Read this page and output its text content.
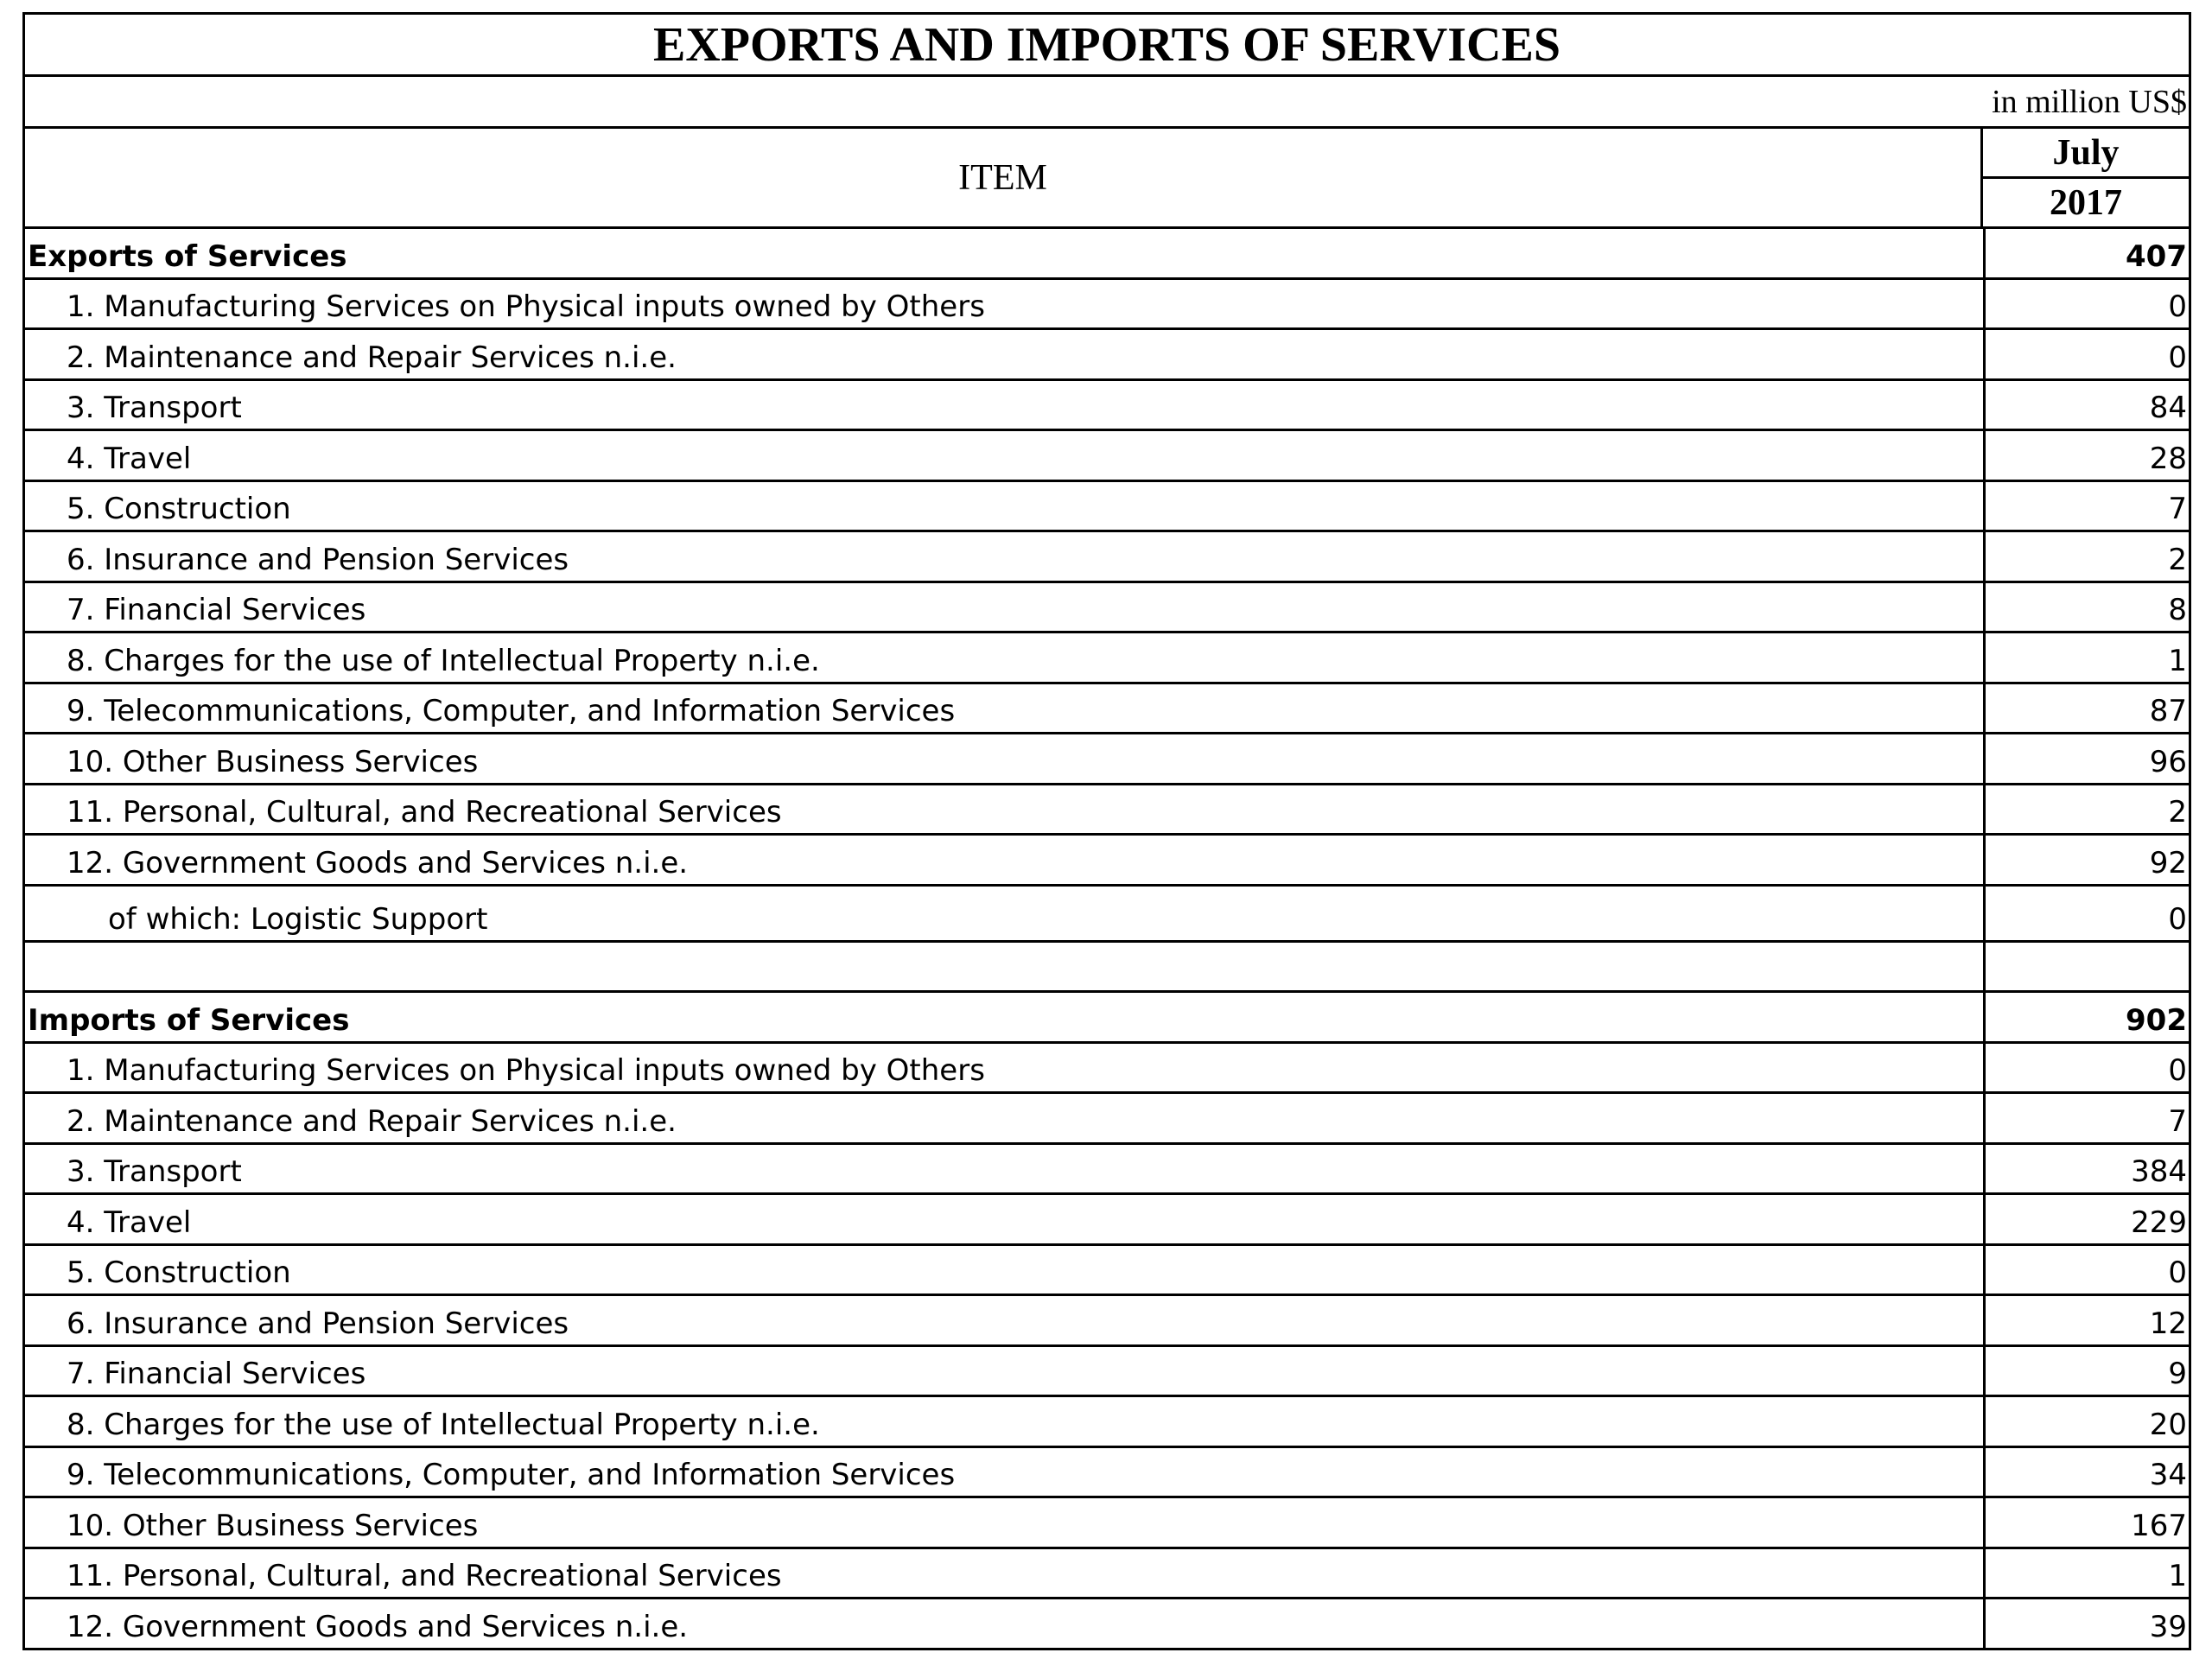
EXPORTS AND IMPORTS OF SERVICES
in million US$
ITEM
July
2017
Exports of Services	407
1. Manufacturing Services on Physical inputs owned by Others	0
2. Maintenance and Repair Services n.i.e.	0
3. Transport	84
4. Travel	28
5. Construction	7
6. Insurance and Pension Services	2
7. Financial Services	8
8. Charges for the use of Intellectual Property n.i.e.	1
9. Telecommunications, Computer, and Information Services	87
10. Other Business Services	96
11. Personal, Cultural, and Recreational Services	2
12. Government Goods and Services n.i.e.	92
of which: Logistic Support	0
Imports of Services	902
1. Manufacturing Services on Physical inputs owned by Others	0
2. Maintenance and Repair Services n.i.e.	7
3. Transport	384
4. Travel	229
5. Construction	0
6. Insurance and Pension Services	12
7. Financial Services	9
8. Charges for the use of Intellectual Property n.i.e.	20
9. Telecommunications, Computer, and Information Services	34
10. Other Business Services	167
11. Personal, Cultural, and Recreational Services	1
12. Government Goods and Services n.i.e.	39
